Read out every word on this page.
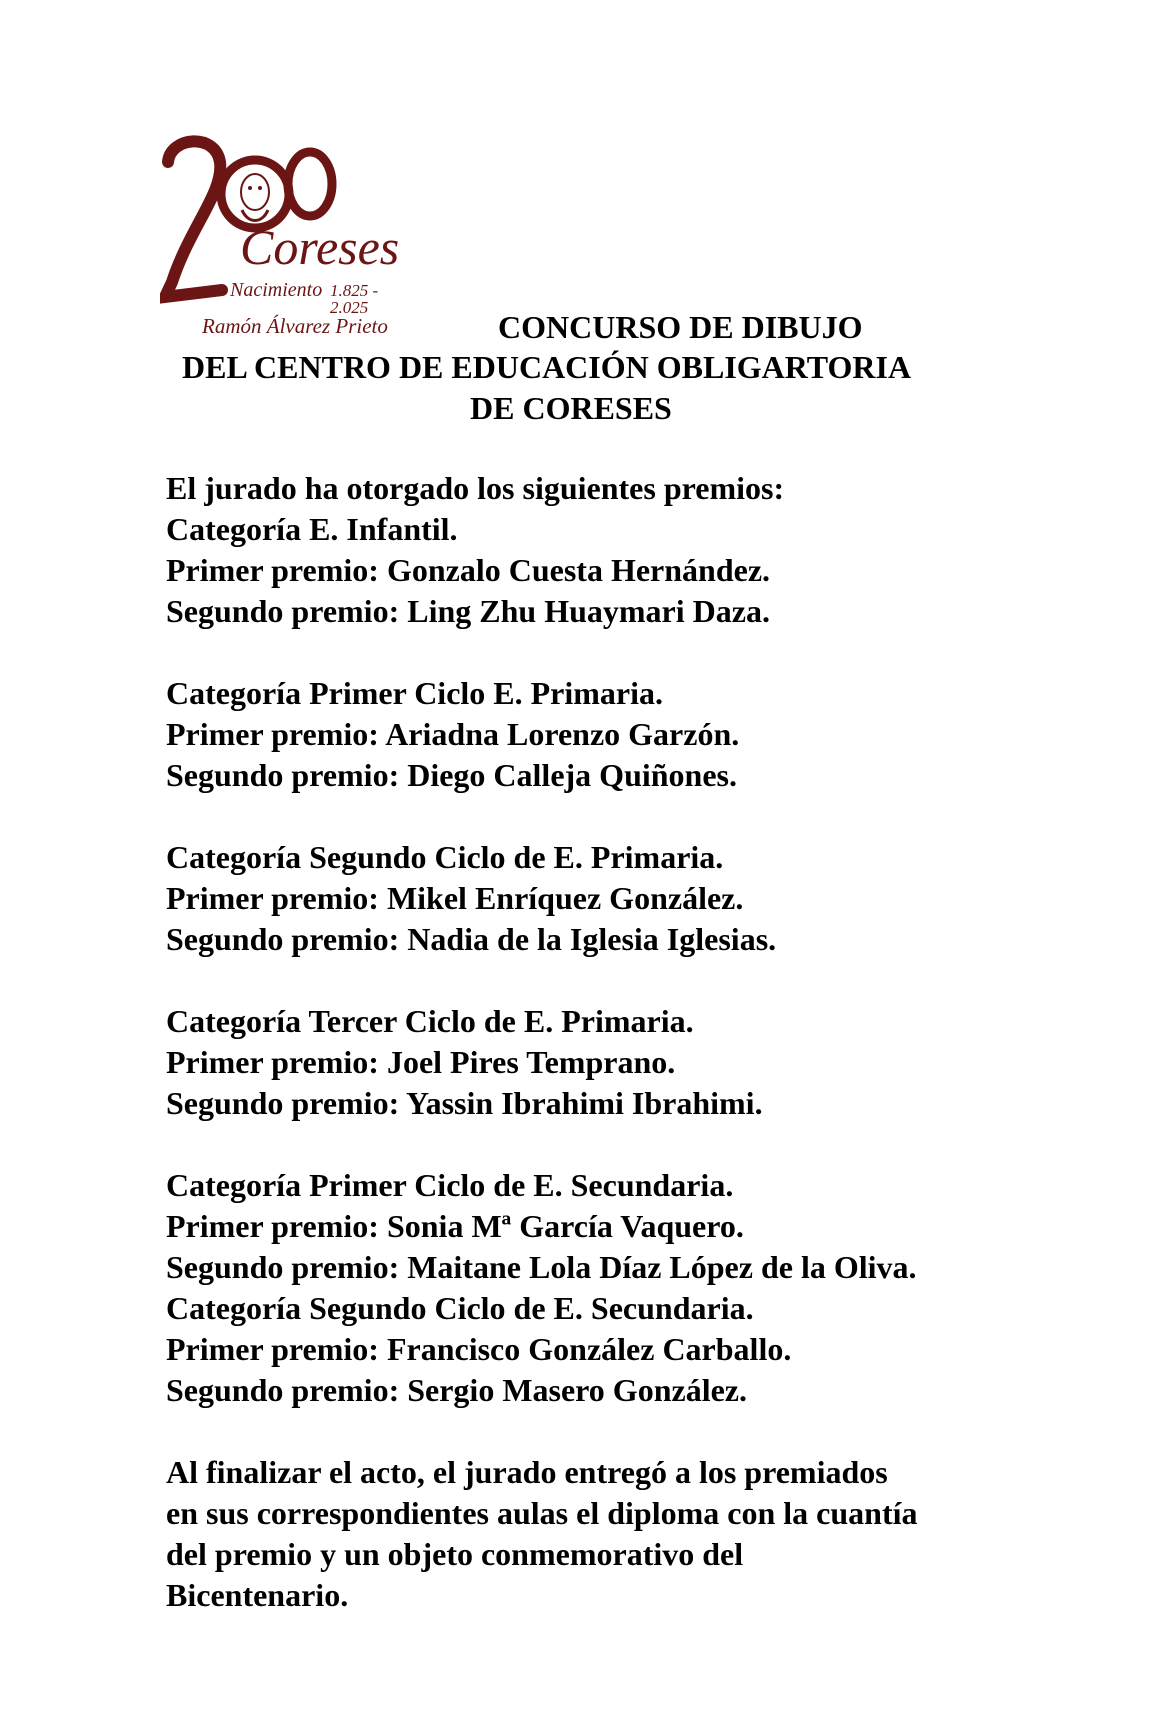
Coreses
Nacimiento 1.825 - 2.025
Ramón Álvarez Prieto	CONCURSO DE DIBUJO
DEL CENTRO DE EDUCACIÓN OBLIGARTORIA
DE CORESES
El jurado ha otorgado los siguientes premios:
Categoría E. Infantil.
Primer premio: Gonzalo Cuesta Hernández.
Segundo premio: Ling Zhu Huaymari Daza.
Categoría Primer Ciclo E. Primaria.
Primer premio: Ariadna Lorenzo Garzón.
Segundo premio: Diego Calleja Quiñones.
Categoría Segundo Ciclo de E. Primaria.
Primer premio: Mikel Enríquez González.
Segundo premio: Nadia de la Iglesia Iglesias.
Categoría Tercer Ciclo de E. Primaria.
Primer premio: Joel Pires Temprano.
Segundo premio: Yassin Ibrahimi Ibrahimi.
Categoría Primer Ciclo de E. Secundaria.
Primer premio: Sonia Mª García Vaquero.
Segundo premio: Maitane Lola Díaz López de la Oliva.
Categoría Segundo Ciclo de E. Secundaria.
Primer premio: Francisco González Carballo.
Segundo premio: Sergio Masero González.
Al finalizar el acto, el jurado entregó a los premiados
en sus correspondientes aulas el diploma con la cuantía
del premio y un objeto conmemorativo del
Bicentenario.
